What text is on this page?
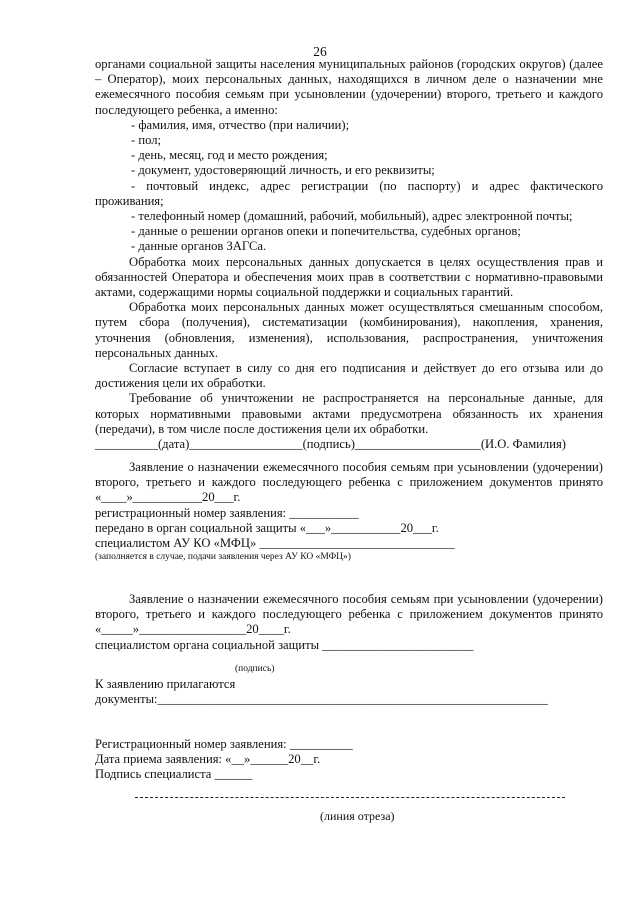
26

органами социальной защиты населения муниципальных районов (городских округов) (далее – Оператор), моих персональных данных, находящихся в личном деле о назначении мне ежемесячного пособия семьям при усыновлении (удочерении) второго, третьего и каждого последующего ребенка, а именно:

- фамилия, имя, отчество (при наличии);

- пол;

- день, месяц, год и место рождения;

- документ, удостоверяющий личность, и его реквизиты;

- почтовый индекс, адрес регистрации (по паспорту) и адрес фактического проживания;

- телефонный номер (домашний, рабочий, мобильный), адрес электронной почты;

- данные о решении органов опеки и попечительства, судебных органов;

- данные органов ЗАГСа.

Обработка моих персональных данных допускается в целях осуществления прав и обязанностей Оператора и обеспечения моих прав в соответствии с нормативно-правовыми актами, содержащими нормы социальной поддержки и социальных гарантий.

Обработка моих персональных данных может осуществляться смешанным способом, путем сбора (получения), систематизации (комбинирования), накопления, хранения, уточнения (обновления, изменения), использования, распространения, уничтожения персональных данных.

Согласие вступает в силу со дня его подписания и действует до его отзыва или до достижения цели их обработки.

Требование об уничтожении не распространяется на персональные данные, для которых нормативными правовыми актами предусмотрена обязанность их хранения (передачи), в том числе после достижения цели их обработки.

__________(дата)__________________(подпись)____________________(И.О. Фамилия)

Заявление о назначении ежемесячного пособия семьям при усыновлении (удочерении) второго, третьего и каждого последующего ребенка с приложением документов принято «____»___________20___г.

регистрационный номер заявления: ___________

передано в орган социальной защиты «___»___________20___г.

специалистом АУ КО «МФЦ» _______________________________

(заполняется в случае, подачи заявления через АУ КО «МФЦ»)

Заявление о назначении ежемесячного пособия семьям при усыновлении (удочерении) второго, третьего и каждого последующего ребенка с приложением документов принято «_____»_________________20____г.

специалистом органа социальной защиты ________________________

(подпись)

К заявлению прилагаются

документы:______________________________________________________________

Регистрационный номер заявления: __________

Дата приема заявления: «__»______20__г.

Подпись специалиста ______

(линия отреза)
